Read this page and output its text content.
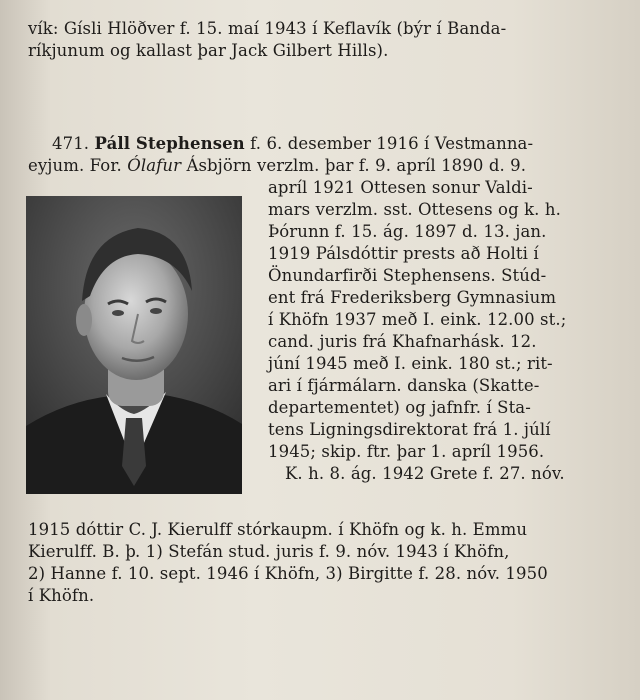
vík: Gísli Hlöðver f. 15. maí 1943 í Keflavík (býr í Banda-
ríkjunum og kallast þar Jack Gilbert Hills).
471. Páll Stephensen f. 6. desember 1916 í Vestmanna-
eyjum. For. Ólafur Ásbjörn verzlm. þar f. 9. apríl 1890 d. 9.
apríl 1921 Ottesen sonur Valdi-
mars verzlm. sst. Ottesens og k. h.
Þórunn f. 15. ág. 1897 d. 13. jan.
1919 Pálsdóttir prests að Holti í
Önundarfirði Stephensens. Stúd-
ent frá Frederiksberg Gymnasium
í Khöfn 1937 með I. eink. 12.00 st.;
cand. juris frá Khafnarhásk. 12.
júní 1945 með I. eink. 180 st.; rit-
ari í fjármálarn. danska (Skatte-
departementet) og jafnfr. í Sta-
tens Ligningsdirektorat frá 1. júlí
1945; skip. ftr. þar 1. apríl 1956.
K. h. 8. ág. 1942 Grete f. 27. nóv.
1915 dóttir C. J. Kierulff stórkaupm. í Khöfn og k. h. Emmu
Kierulff. B. þ. 1) Stefán stud. juris f. 9. nóv. 1943 í Khöfn,
2) Hanne f. 10. sept. 1946 í Khöfn, 3) Birgitte f. 28. nóv. 1950
í Khöfn.
